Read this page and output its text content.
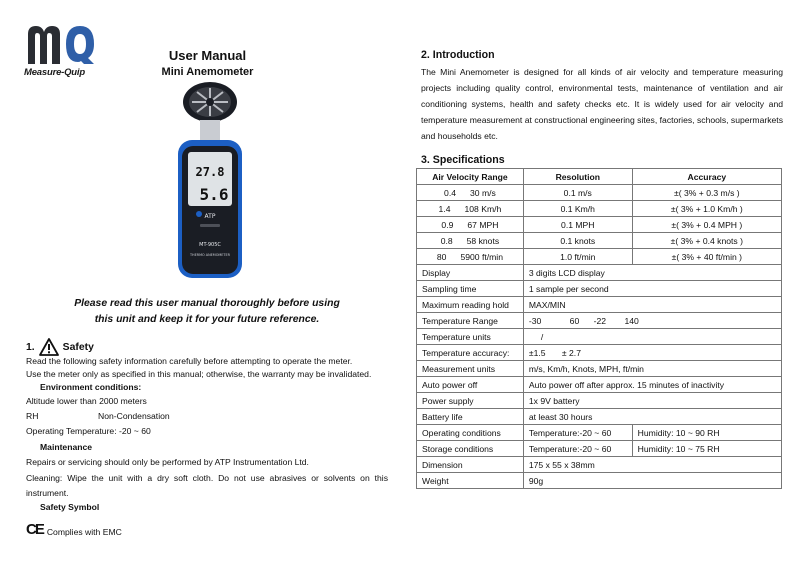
Measure-Quip
User Manual
Mini Anemometer
27.8
5.6
ATP
MT-905C
THERMO ANEMOMETER
Please read this user manual thoroughly before using
this unit and keep it for your future reference.
1.	Safety
Read the following safety information carefully before attempting to operate the meter.
Use the meter only as specified in this manual; otherwise, the warranty may be invalidated.
Environment conditions:
Altitude lower than 2000 meters
RH	Non-Condensation
Operating Temperature: -20 ~ 60
Maintenance
Repairs or servicing should only be performed by ATP Instrumentation Ltd.
Cleaning: Wipe the unit with a dry soft cloth. Do not use abrasives or solvents on this instrument.
Safety Symbol
CE Complies with EMC
2. Introduction
The Mini Anemometer is designed for all kinds of air velocity and temperature measuring projects including quality control, environmental tests, maintenance of ventilation and air conditioning systems, health and safety checks etc. It is widely used for air velocity and temperature measurement at constructional engineering sites, factories, schools, supermarkets and households etc.
3. Specifications
Air Velocity Range	Resolution	Accuracy

0.4 30 m/s	0.1 m/s	±( 3% + 0.3 m/s )

1.4 108 Km/h	0.1 Km/h	±( 3% + 1.0 Km/h )

0.9 67 MPH	0.1 MPH	±( 3% + 0.4 MPH )

0.8 58 knots	0.1 knots	±( 3% + 0.4 knots )

80 5900 ft/min	1.0 ft/min	±( 3% + 40 ft/min )
Display	3 digits LCD display	
Sampling time	1 sample per second	
Maximum reading hold	MAX/MIN	
Temperature Range	-30 60 -22 140	
Temperature units	/	
Temperature accuracy:	±1.5 ± 2.7	
Measurement units	m/s, Km/h, Knots, MPH, ft/min	
Auto power off	Auto power off after approx. 15 minutes of inactivity	
Power supply	1x 9V battery	
Battery life	at least 30 hours	
Operating conditions	Temperature:-20 ~ 60	Humidity: 10 ~ 90 RH
Storage conditions	Temperature:-20 ~ 60	Humidity: 10 ~ 75 RH
Dimension	175 x 55 x 38mm	
Weight	90g	
